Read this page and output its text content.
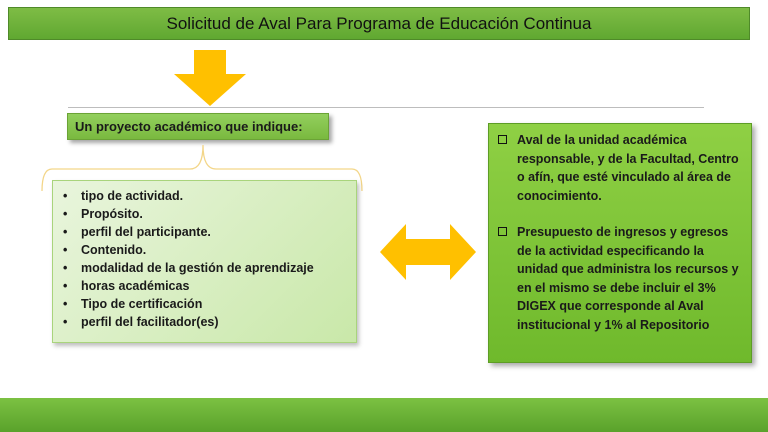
Solicitud de Aval Para Programa de Educación Continua
Un proyecto académico que indique:
• tipo de actividad.
• Propósito.
• perfil del participante.
• Contenido.
• modalidad de la gestión de aprendizaje
• horas académicas
• Tipo de certificación
• perfil del facilitador(es)
Aval de la unidad académica responsable, y de la Facultad, Centro o afín, que esté vinculado al área de conocimiento.
Presupuesto de ingresos y egresos de la actividad especificando la unidad que administra los recursos y en el mismo se debe incluir el 3% DIGEX que corresponde al Aval institucional y 1% al Repositorio
